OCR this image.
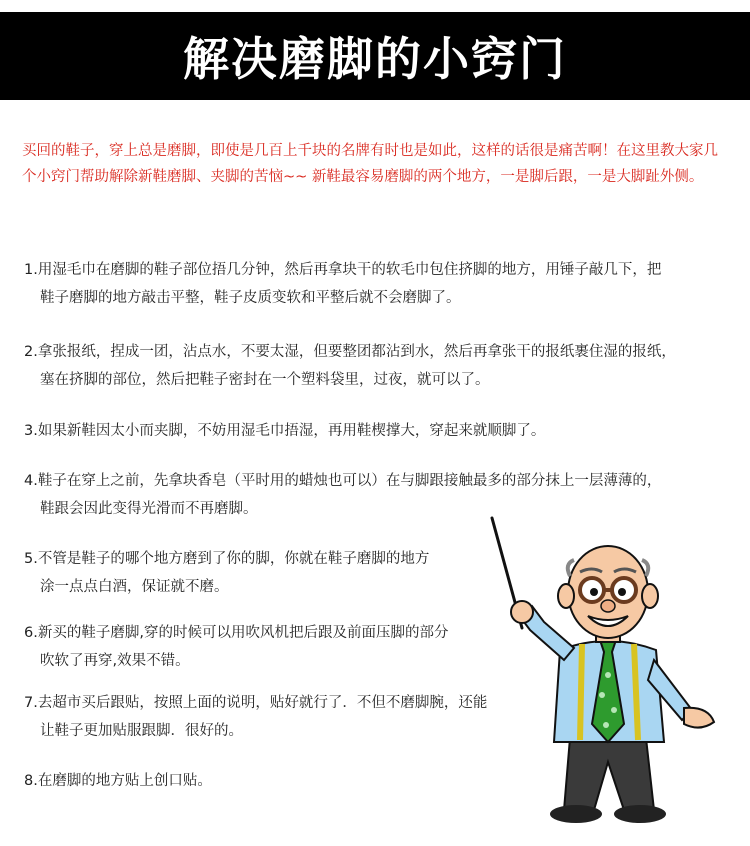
解决磨脚的小窍门

买回的鞋子，穿上总是磨脚，即使是几百上千块的名牌有时也是如此，这样的话很是痛苦啊！在这里教大家几个小窍门帮助解除新鞋磨脚、夹脚的苦恼~~ 新鞋最容易磨脚的两个地方，一是脚后跟，一是大脚趾外侧。

1.用湿毛巾在磨脚的鞋子部位捂几分钟，然后再拿块干的软毛巾包住挤脚的地方，用锤子敲几下，把
鞋子磨脚的地方敲击平整，鞋子皮质变软和平整后就不会磨脚了。

2.拿张报纸，捏成一团，沾点水，不要太湿，但要整团都沾到水，然后再拿张干的报纸裹住湿的报纸，
塞在挤脚的部位，然后把鞋子密封在一个塑料袋里，过夜，就可以了。

3.如果新鞋因太小而夹脚，不妨用湿毛巾捂湿，再用鞋楔撑大，穿起来就顺脚了。

4.鞋子在穿上之前，先拿块香皂（平时用的蜡烛也可以）在与脚跟接触最多的部分抹上一层薄薄的，
鞋跟会因此变得光滑而不再磨脚。

5.不管是鞋子的哪个地方磨到了你的脚，你就在鞋子磨脚的地方
涂一点点白酒，保证就不磨。

6.新买的鞋子磨脚,穿的时候可以用吹风机把后跟及前面压脚的部分
吹软了再穿,效果不错。

7.去超市买后跟贴，按照上面的说明，贴好就行了．不但不磨脚腕，还能
让鞋子更加贴服跟脚．很好的。

8.在磨脚的地方贴上创口贴。
